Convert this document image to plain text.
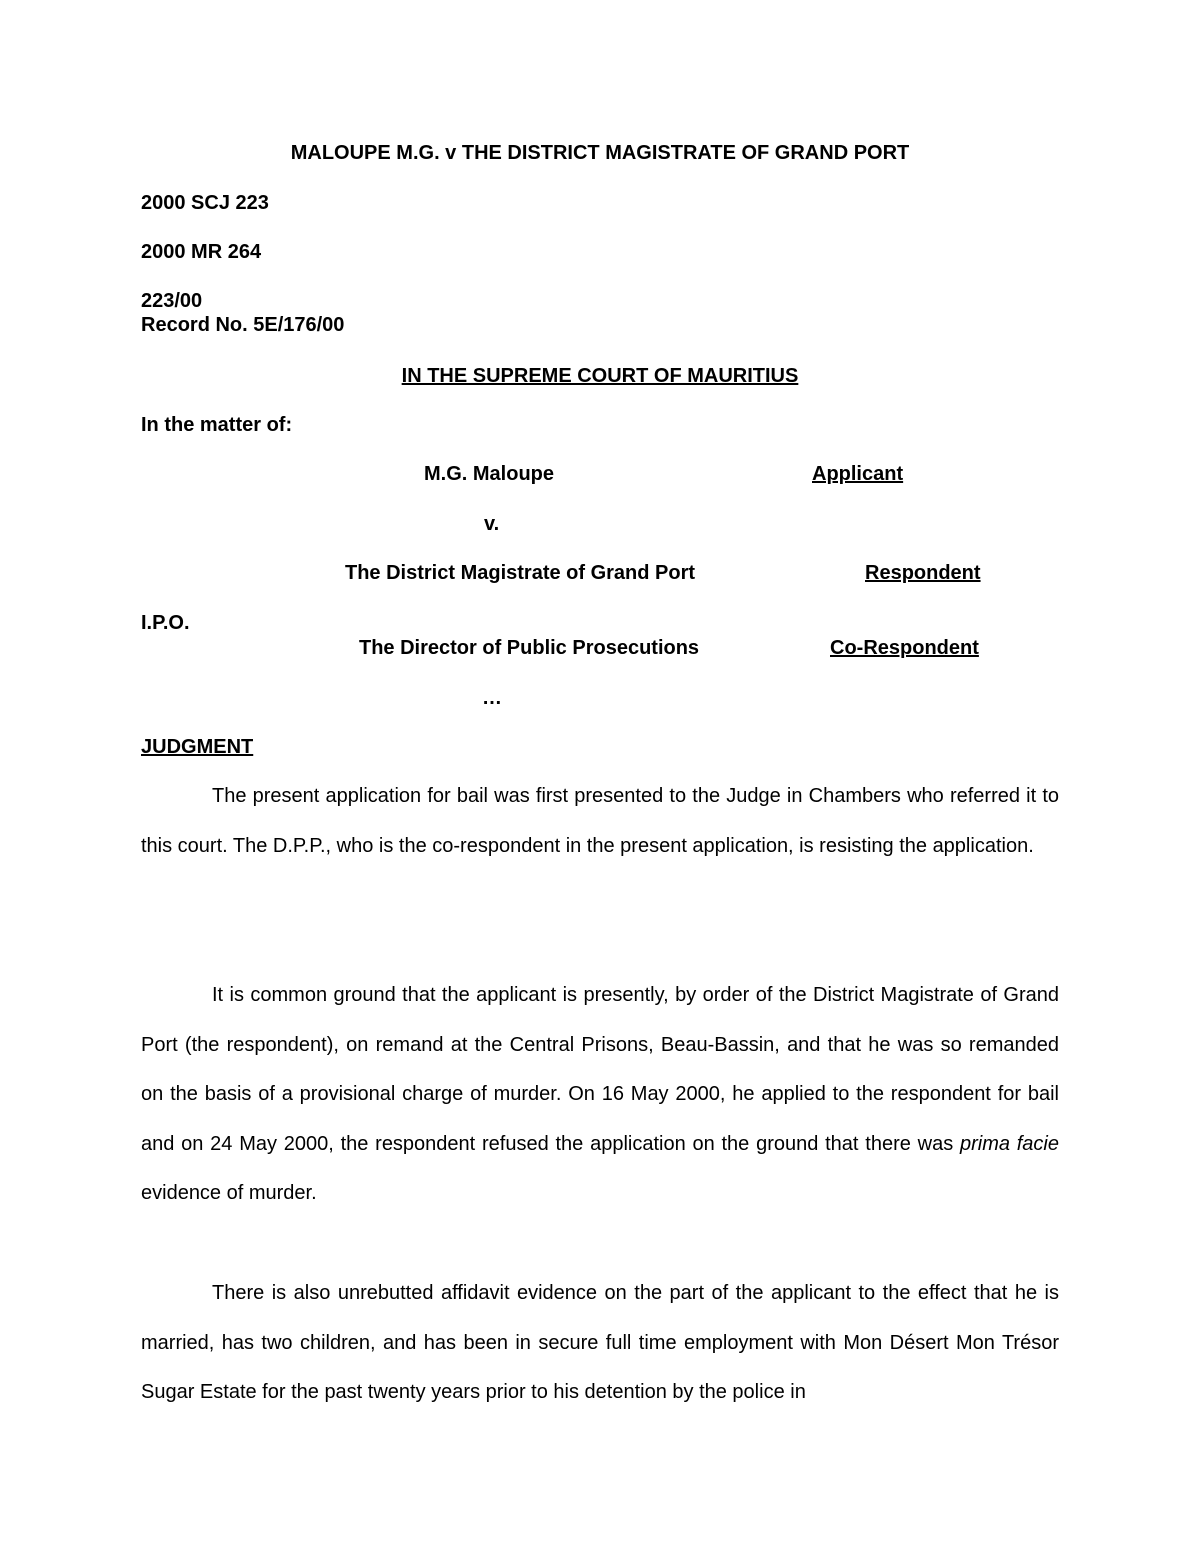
MALOUPE M.G. v THE DISTRICT MAGISTRATE OF GRAND PORT
2000 SCJ 223
2000 MR 264
223/00
Record No. 5E/176/00
IN THE SUPREME COURT OF MAURITIUS
In the matter of:
M.G. Maloupe	Applicant
v.
The District Magistrate of Grand Port	Respondent
I.P.O.
The Director of Public Prosecutions	Co-Respondent
…
JUDGMENT

The present application for bail was first presented to the Judge in Chambers who referred it to this court. The D.P.P., who is the co-respondent in the present application, is resisting the application.

It is common ground that the applicant is presently, by order of the District Magistrate of Grand Port (the respondent), on remand at the Central Prisons, Beau-Bassin, and that he was so remanded on the basis of a provisional charge of murder. On 16 May 2000, he applied to the respondent for bail and on 24 May 2000, the respondent refused the application on the ground that there was prima facie evidence of murder.

There is also unrebutted affidavit evidence on the part of the applicant to the effect that he is married, has two children, and has been in secure full time employment with Mon Désert Mon Trésor Sugar Estate for the past twenty years prior to his detention by the police in
